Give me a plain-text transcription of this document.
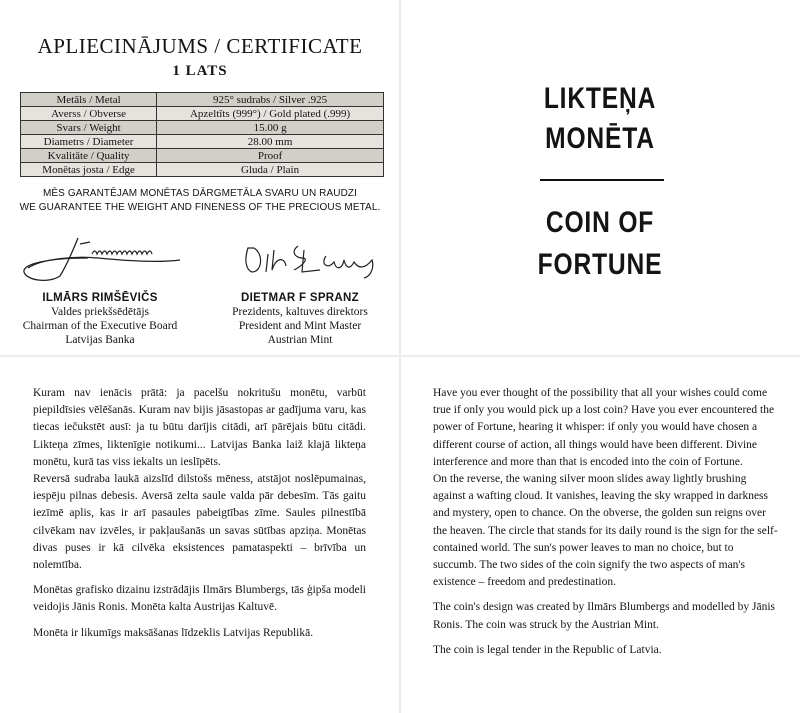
APLIECINĀJUMS / CERTIFICATE
1 LATS
Metāls / Metal	925° sudrabs / Silver .925
Averss / Obverse	Apzeltīts (999°) / Gold plated (.999)
Svars / Weight	15.00 g
Diametrs / Diameter	28.00 mm
Kvalitāte / Quality	Proof
Monētas josta / Edge	Gluda / Plain
MĒS GARANTĒJAM MONĒTAS DĀRGMETĀLA SVARU UN RAUDZI
WE GUARANTEE THE WEIGHT AND FINENESS OF THE PRECIOUS METAL.
ILMĀRS RIMŠĒVIČS
Valdes priekšsēdētājs
Chairman of the Executive Board
Latvijas Banka
DIETMAR F SPRANZ
Prezidents, kaltuves direktors
President and Mint Master
Austrian Mint
LIKTEŅA
MONĒTA
COIN OF
FORTUNE

Kuram nav ienācis prātā: ja pacelšu nokritušu monētu, varbūt piepildīsies vēlēšanās. Kuram nav bijis jāsastopas ar gadījuma varu, kas tiecas iečukstēt ausī: ja tu būtu darījis citādi, arī pārējais būtu citādi. Likteņa zīmes, liktenīgie notikumi... Latvijas Banka laiž klajā likteņa monētu, kurā tas viss iekalts un ieslīpēts.

Reversā sudraba laukā aizslīd dilstošs mēness, atstājot noslēpumainas, iespēju pilnas debesis. Aversā zelta saule valda pār debesīm. Tās gaitu iezīmē aplis, kas ir arī pasaules pabeigtības zīme. Saules pilnestībā cilvēkam nav izvēles, ir pakļaušanās un savas sūtības apziņa. Monētas divas puses ir kā cilvēka eksistences pamataspekti – brīvība un nolemtība.

Monētas grafisko dizainu izstrādājis Ilmārs Blumbergs, tās ģipša modeli veidojis Jānis Ronis. Monēta kalta Austrijas Kaltuvē.

Monēta ir likumīgs maksāšanas līdzeklis Latvijas Republikā.

Have you ever thought of the possibility that all your wishes could come true if only you would pick up a lost coin? Have you ever encountered the power of Fortune, hearing it whisper: if only you would have chosen a different course of action, all things would have been different. Divine interference and more than that is encoded into the coin of Fortune.

On the reverse, the waning silver moon slides away lightly brushing against a wafting cloud. It vanishes, leaving the sky wrapped in darkness and mystery, open to chance. On the obverse, the golden sun reigns over the heaven. The circle that stands for its daily round is the sign for the self-contained world. The sun's power leaves to man no choice, but to succumb. The two sides of the coin signify the two aspects of man's existence – freedom and predestination.

The coin's design was created by Ilmārs Blumbergs and modelled by Jānis Ronis. The coin was struck by the Austrian Mint.

The coin is legal tender in the Republic of Latvia.
